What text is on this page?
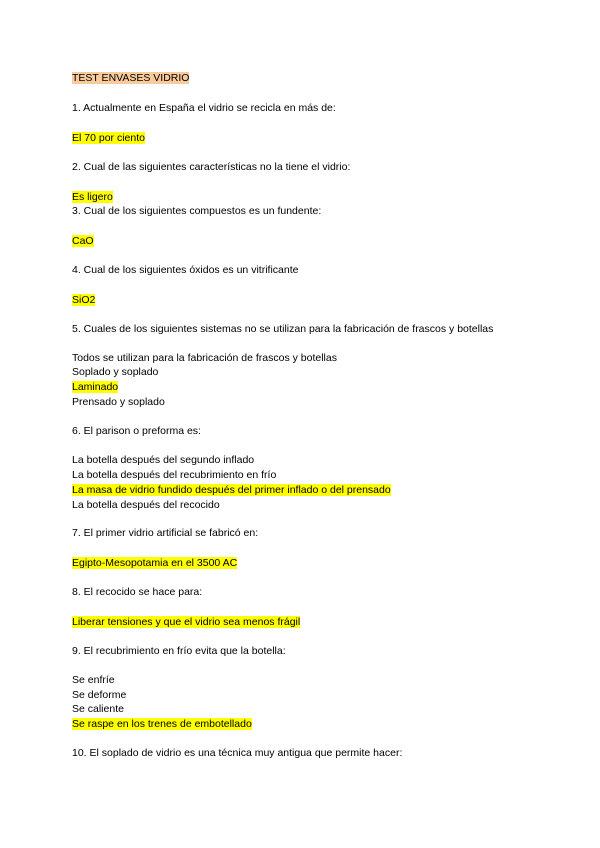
TEST ENVASES VIDRIO
1. Actualmente en España el vidrio se recicla en más de:
El 70 por ciento
2. Cual de las siguientes características no la tiene el vidrio:
Es ligero
3. Cual de los siguientes compuestos es un fundente:
CaO
4. Cual de los siguientes óxidos es un vitrificante
SiO2
5. Cuales de los siguientes sistemas no se utilizan para la fabricación de frascos y botellas
Todos se utilizan para la fabricación de frascos y botellas
Soplado y soplado
Laminado
Prensado y soplado
6. El parison o preforma es:
La botella después del segundo inflado
La botella después del recubrimiento en frío
La masa de vidrio fundido después del primer inflado o del prensado
La botella después del recocido
7. El primer vidrio artificial se fabricó en:
Egipto-Mesopotamia en el 3500 AC
8. El recocido se hace para:
Liberar tensiones y que el vidrio sea menos frágil
9. El recubrimiento en frío evita que la botella:
Se enfríe
Se deforme
Se caliente
Se raspe en los trenes de embotellado
10. El soplado de vidrio es una técnica muy antigua que permite hacer:
